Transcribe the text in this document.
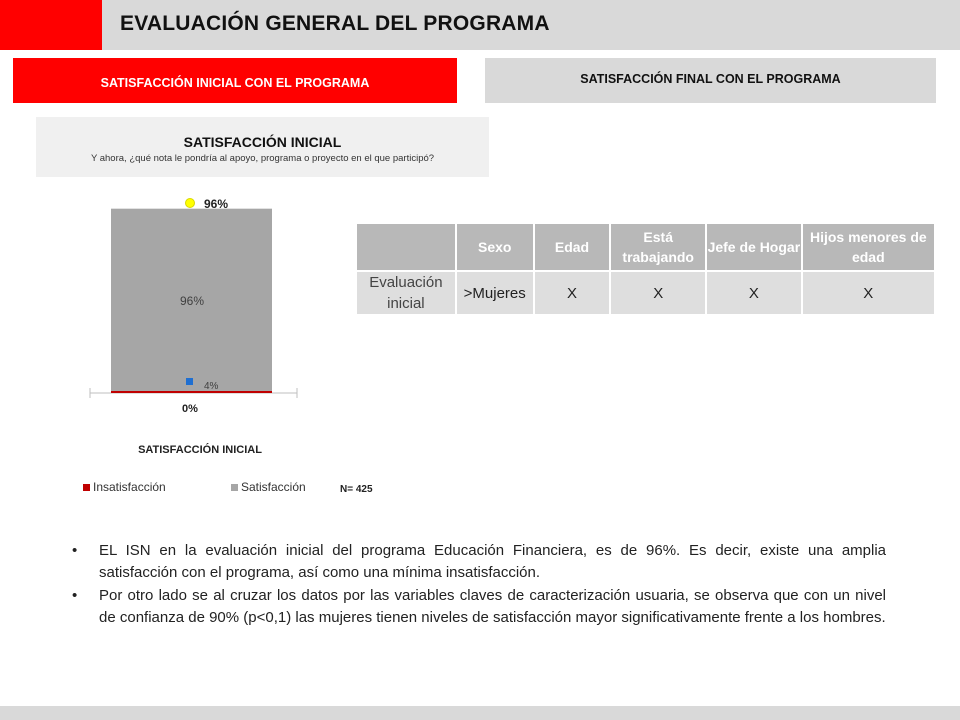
EVALUACIÓN GENERAL DEL PROGRAMA
SATISFACCIÓN INICIAL CON EL PROGRAMA	SATISFACCIÓN FINAL CON EL PROGRAMA
SATISFACCIÓN INICIAL
Y ahora, ¿qué nota le pondría al apoyo, programa o proyecto en el que participó?
96%
0%
96%
4%
SATISFACCIÓN INICIAL
Insatisfacción	Satisfacción	N= 425
	Sexo	Edad	Está trabajando	Jefe de Hogar	Hijos menores de edad
Evaluación inicial	>Mujeres	X	X	X	X
• EL ISN en la evaluación inicial del programa Educación Financiera, es de 96%. Es decir, existe una amplia satisfacción con el programa, así como una mínima insatisfacción.
• Por otro lado se al cruzar los datos por las variables claves de caracterización usuaria, se observa que con un nivel de confianza de 90% (p<0,1) las mujeres tienen niveles de satisfacción mayor significativamente frente a los hombres.
